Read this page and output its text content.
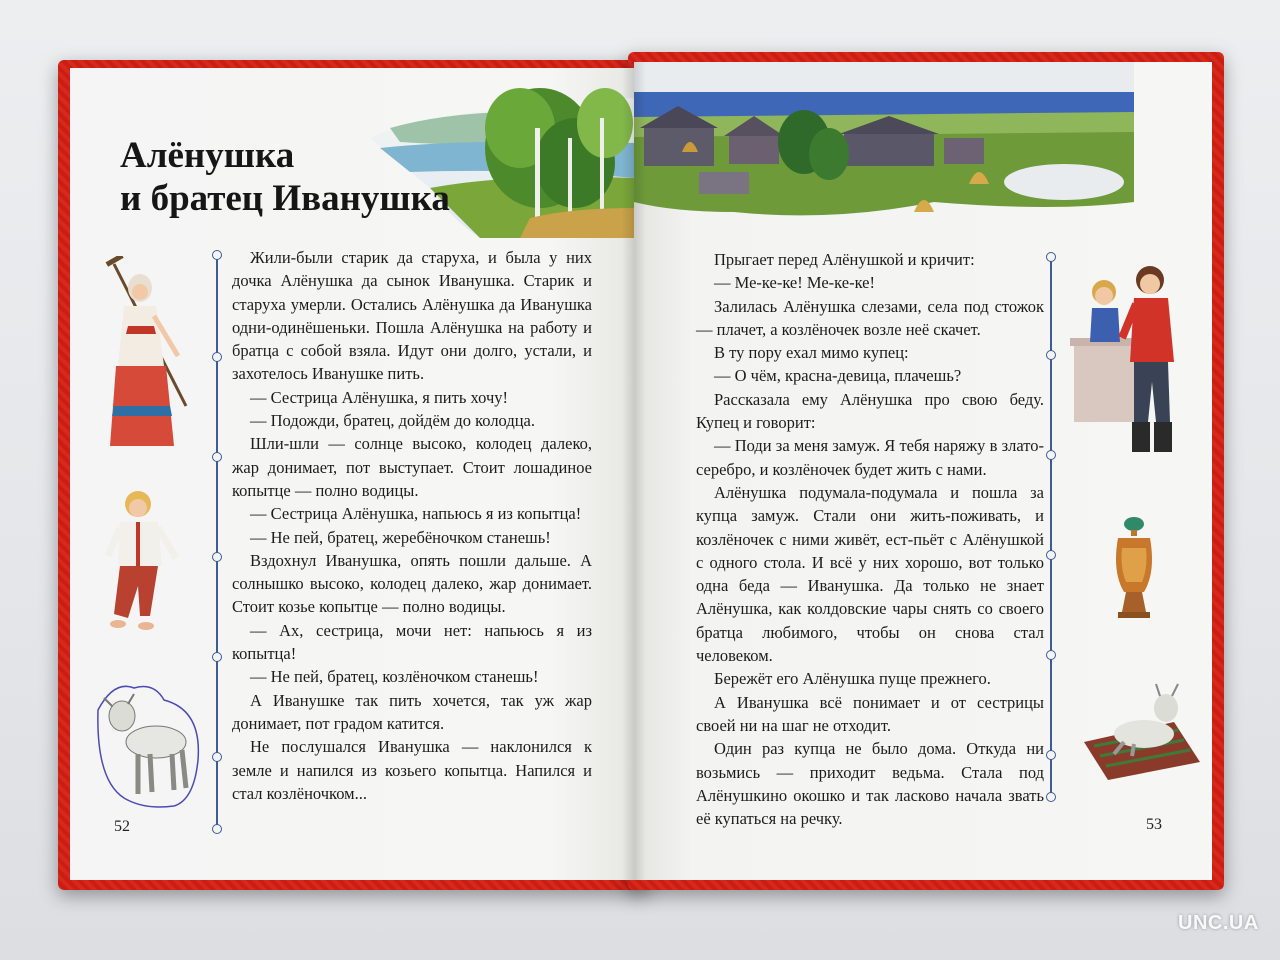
Алёнушка
и братец Иванушка

Жили-были старик да старуха, и была у них дочка Алёнушка да сынок Иванушка. Старик и старуха умерли. Остались Алёнушка да Иванушка одни-одинёшеньки. Пошла Алёнушка на работу и братца с собой взяла. Идут они долго, устали, и захотелось Иванушке пить.

— Сестрица Алёнушка, я пить хочу!

— Подожди, братец, дойдём до колодца.

Шли-шли — солнце высоко, колодец далеко, жар донимает, пот выступает. Стоит лошадиное копытце — полно водицы.

— Сестрица Алёнушка, напьюсь я из копытца!

— Не пей, братец, жеребёночком станешь!

Вздохнул Иванушка, опять пошли дальше. А солнышко высоко, колодец далеко, жар донимает. Стоит козье копытце — полно водицы.

— Ах, сестрица, мочи нет: напьюсь я из копытца!

— Не пей, братец, козлёночком станешь!

А Иванушке так пить хочется, так уж жар донимает, пот градом катится.

Не послушался Иванушка — наклонился к земле и напился из козьего копытца. Напился и стал козлёночком...

52

Прыгает перед Алёнушкой и кричит:

— Ме-ке-ке! Ме-ке-ке!

Залилась Алёнушка слезами, села под стожок — плачет, а козлёночек возле неё скачет.

В ту пору ехал мимо купец:

— О чём, красна-девица, плачешь?

Рассказала ему Алёнушка про свою беду. Купец и говорит:

— Поди за меня замуж. Я тебя наряжу в злато-серебро, и козлёночек будет жить с нами.

Алёнушка подумала-подумала и пошла за купца замуж. Стали они жить-поживать, и козлёночек с ними живёт, ест-пьёт с Алёнушкой с одного стола. И всё у них хорошо, вот только одна беда — Иванушка. Да только не знает Алёнушка, как колдовские чары снять со своего братца любимого, чтобы он снова стал человеком.

Бережёт его Алёнушка пуще прежнего.

А Иванушка всё понимает и от сестрицы своей ни на шаг не отходит.

Один раз купца не было дома. Откуда ни возьмись — приходит ведьма. Стала под Алёнушкино окошко и так ласково начала звать её купаться на речку.	53
UNC.UA
